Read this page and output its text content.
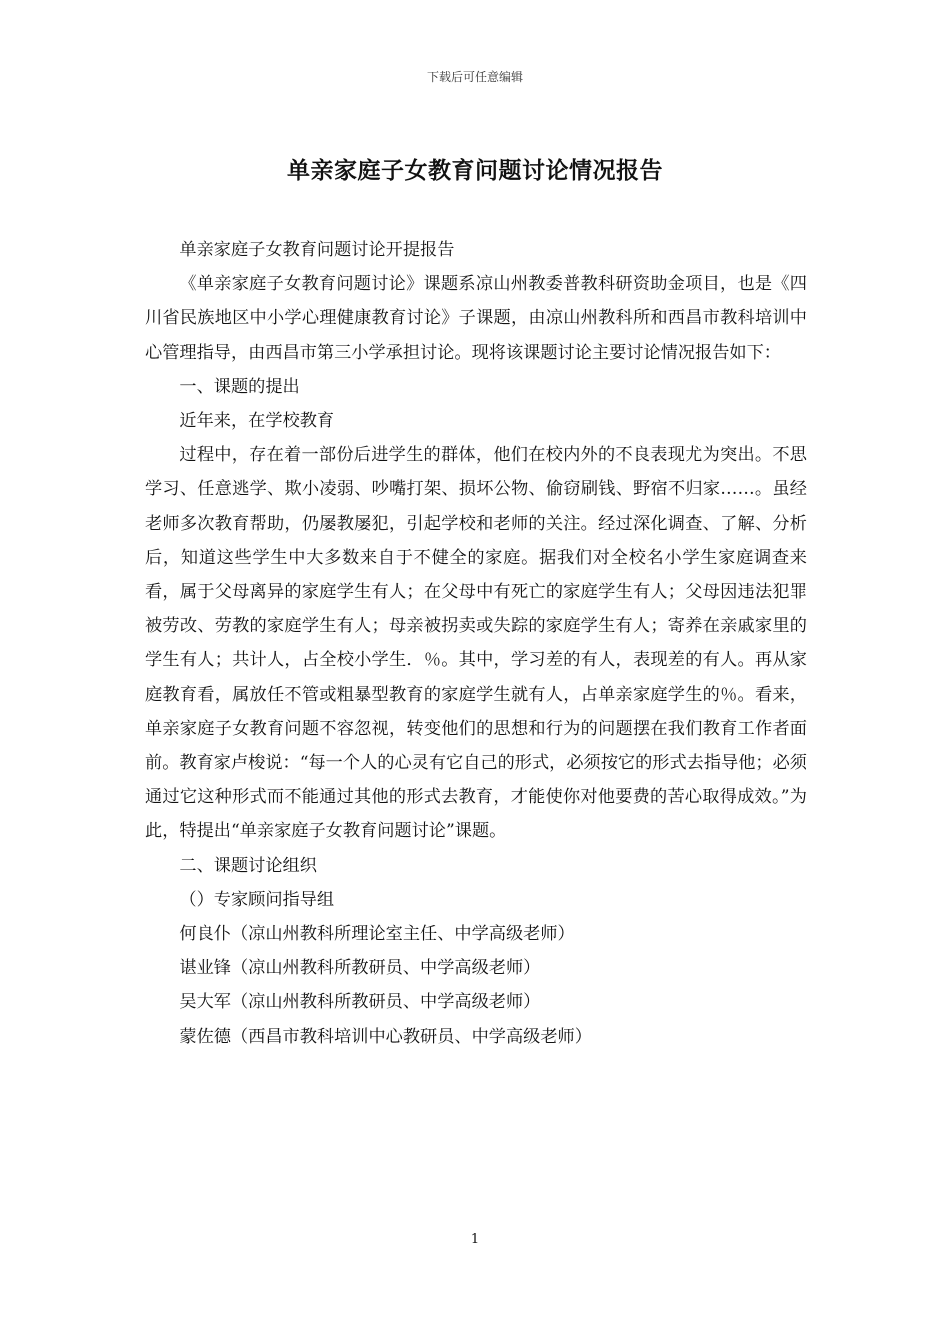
下载后可任意编辑
单亲家庭子女教育问题讨论情况报告

单亲家庭子女教育问题讨论开提报告

《单亲家庭子女教育问题讨论》课题系凉山州教委普教科研资助金项目，也是《四川省民族地区中小学心理健康教育讨论》子课题，由凉山州教科所和西昌市教科培训中心管理指导，由西昌市第三小学承担讨论。现将该课题讨论主要讨论情况报告如下：

一、课题的提出

近年来，在学校教育

过程中，存在着一部份后进学生的群体，他们在校内外的不良表现尤为突出。不思学习、任意逃学、欺小凌弱、吵嘴打架、损坏公物、偷窃刷钱、野宿不归家……。虽经老师多次教育帮助，仍屡教屡犯，引起学校和老师的关注。经过深化调查、了解、分析后，知道这些学生中大多数来自于不健全的家庭。据我们对全校名小学生家庭调查来看，属于父母离异的家庭学生有人；在父母中有死亡的家庭学生有人；父母因违法犯罪被劳改、劳教的家庭学生有人；母亲被拐卖或失踪的家庭学生有人；寄养在亲戚家里的学生有人；共计人，占全校小学生．％。其中，学习差的有人，表现差的有人。再从家庭教育看，属放任不管或粗暴型教育的家庭学生就有人，占单亲家庭学生的％。看来，单亲家庭子女教育问题不容忽视，转变他们的思想和行为的问题摆在我们教育工作者面前。教育家卢梭说：“每一个人的心灵有它自己的形式，必须按它的形式去指导他；必须通过它这种形式而不能通过其他的形式去教育，才能使你对他要费的苦心取得成效。”为此，特提出“单亲家庭子女教育问题讨论”课题。

二、课题讨论组织

（）专家顾问指导组

何良仆（凉山州教科所理论室主任、中学高级老师）

谌业锋（凉山州教科所教研员、中学高级老师）

吴大军（凉山州教科所教研员、中学高级老师）

蒙佐德（西昌市教科培训中心教研员、中学高级老师）

1
